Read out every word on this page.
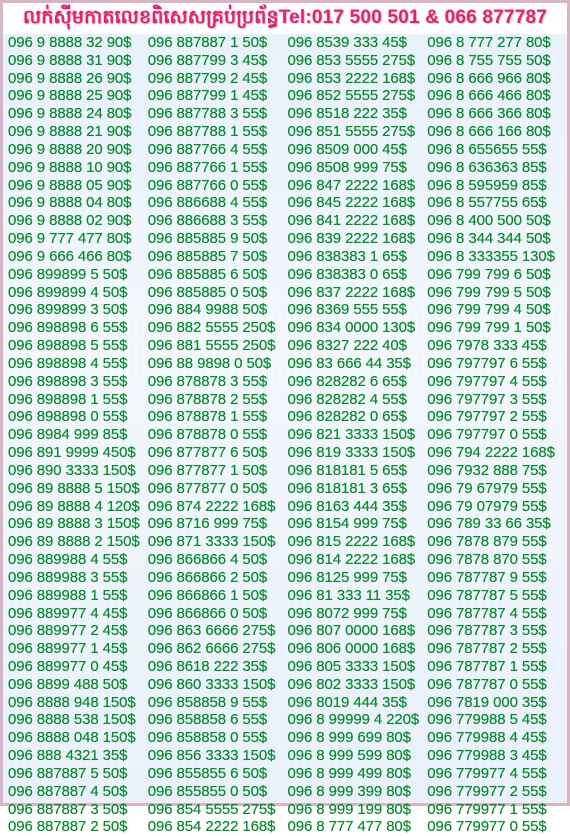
លក់ស៊ីមកាតលេខពិសេសគ្រប់ប្រព័ន្ធTel:017 500 501 & 066 877787
096 9 8888 32 90$
096 9 8888 31 90$
096 9 8888 26 90$
096 9 8888 25 90$
096 9 8888 24 80$
096 9 8888 21 90$
096 9 8888 20 90$
096 9 8888 10 90$
096 9 8888 05 90$
096 9 8888 04 80$
096 9 8888 02 90$
096 9 777 477 80$
096 9 666 466 80$
096 899899 5 50$
096 899899 4 50$
096 899899 3 50$
096 898898 6 55$
096 898898 5 55$
096 898898 4 55$
096 898898 3 55$
096 898898 1 55$
096 898898 0 55$
096 8984 999 85$
096 891 9999 450$
096 890 3333 150$
096 89 8888 5 150$
096 89 8888 4 120$
096 89 8888 3 150$
096 89 8888 2 150$
096 889988 4 55$
096 889988 3 55$
096 889988 1 55$
096 889977 4 45$
096 889977 2 45$
096 889977 1 45$
096 889977 0 45$
096 8899 488 50$
096 8888 948 150$
096 8888 538 150$
096 8888 048 150$
096 888 4321 35$
096 887887 5 50$
096 887887 4 50$
096 887887 3 50$
096 887887 2 50$
096 887887 1 50$
096 887799 3 45$
096 887799 2 45$
096 887799 1 45$
096 887788 3 55$
096 887788 1 55$
096 887766 4 55$
096 887766 1 55$
096 887766 0 55$
096 886688 4 55$
096 886688 3 55$
096 885885 9 50$
096 885885 7 50$
096 885885 6 50$
096 885885 0 50$
096 884 9988 50$
096 882 5555 250$
096 881 5555 250$
096 88 9898 0 50$
096 878878 3 55$
096 878878 2 55$
096 878878 1 55$
096 878878 0 55$
096 877877 6 50$
096 877877 1 50$
096 877877 0 50$
096 874 2222 168$
096 8716 999 75$
096 871 3333 150$
096 866866 4 50$
096 866866 2 50$
096 866866 1 50$
096 866866 0 50$
096 863 6666 275$
096 862 6666 275$
096 8618 222 35$
096 860 3333 150$
096 858858 9 55$
096 858858 6 55$
096 858858 0 55$
096 856 3333 150$
096 855855 6 50$
096 855855 0 50$
096 854 5555 275$
096 854 2222 168$
096 8539 333 45$
096 853 5555 275$
096 853 2222 168$
096 852 5555 275$
096 8518 222 35$
096 851 5555 275$
096 8509 000 45$
096 8508 999 75$
096 847 2222 168$
096 845 2222 168$
096 841 2222 168$
096 839 2222 168$
096 838383 1 65$
096 838383 0 65$
096 837 2222 168$
096 8369 555 55$
096 834 0000 130$
096 8327 222 40$
096 83 666 44 35$
096 828282 6 65$
096 828282 4 55$
096 828282 0 65$
096 821 3333 150$
096 819 3333 150$
096 818181 5 65$
096 818181 3 65$
096 8163 444 35$
096 8154 999 75$
096 815 2222 168$
096 814 2222 168$
096 8125 999 75$
096 81 333 11 35$
096 8072 999 75$
096 807 0000 168$
096 806 0000 168$
096 805 3333 150$
096 802 3333 150$
096 8019 444 35$
096 8 99999 4 220$
096 8 999 699 80$
096 8 999 599 80$
096 8 999 499 80$
096 8 999 399 80$
096 8 999 199 80$
096 8 777 477 80$
096 8 777 277 80$
096 8 755 755 50$
096 8 666 966 80$
096 8 666 466 80$
096 8 666 366 80$
096 8 666 166 80$
096 8 655655 55$
096 8 636363 85$
096 8 595959 85$
096 8 557755 65$
096 8 400 500 50$
096 8 344 344 50$
096 8 333355 130$
096 799 799 6 50$
096 799 799 5 50$
096 799 799 4 50$
096 799 799 1 50$
096 7978 333 45$
096 797797 6 55$
096 797797 4 55$
096 797797 3 55$
096 797797 2 55$
096 797797 0 55$
096 794 2222 168$
096 7932 888 75$
096 79 67979 55$
096 79 07979 55$
096 789 33 66 35$
096 7878 879 55$
096 7878 870 55$
096 787787 9 55$
096 787787 5 55$
096 787787 4 55$
096 787787 3 55$
096 787787 2 55$
096 787787 1 55$
096 787787 0 55$
096 7819 000 35$
096 779988 5 45$
096 779988 4 45$
096 779988 3 45$
096 779977 4 55$
096 779977 2 55$
096 779977 1 55$
096 779977 0 55$
